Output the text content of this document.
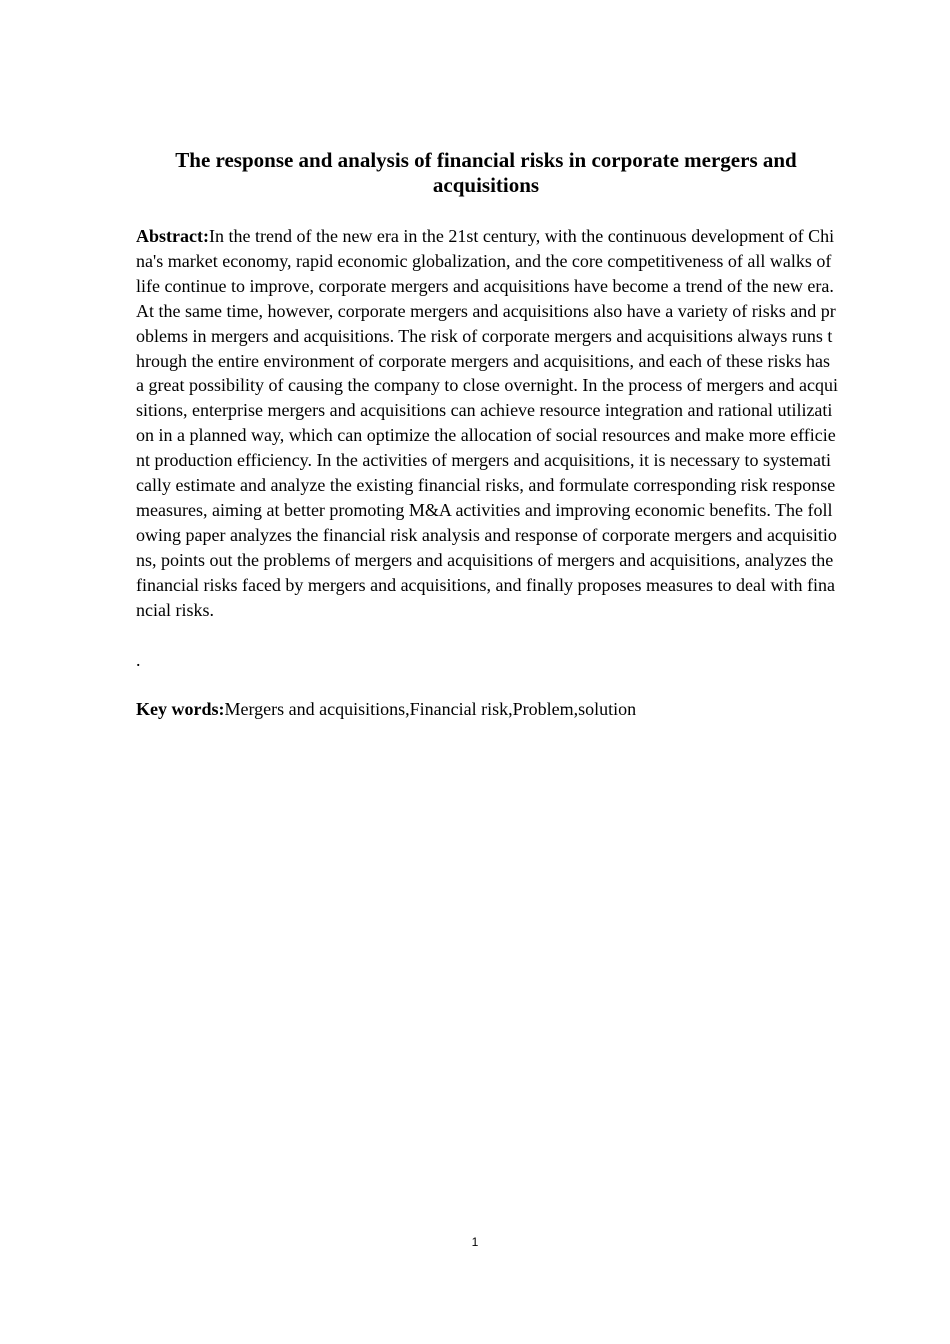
The response and analysis of financial risks in corporate mergers and acquisitions

Abstract:In the trend of the new era in the 21st century, with the continuous development of China's market economy, rapid economic globalization, and the core competitiveness of all walks of life continue to improve, corporate mergers and acquisitions have become a trend of the new era. At the same time, however, corporate mergers and acquisitions also have a variety of risks and problems in mergers and acquisitions. The risk of corporate mergers and acquisitions always runs through the entire environment of corporate mergers and acquisitions, and each of these risks has a great possibility of causing the company to close overnight. In the process of mergers and acquisitions, enterprise mergers and acquisitions can achieve resource integration and rational utilization in a planned way, which can optimize the allocation of social resources and make more efficient production efficiency. In the activities of mergers and acquisitions, it is necessary to systematically estimate and analyze the existing financial risks, and formulate corresponding risk response measures, aiming at better promoting M&A activities and improving economic benefits. The following paper analyzes the financial risk analysis and response of corporate mergers and acquisitions, points out the problems of mergers and acquisitions of mergers and acquisitions, analyzes the financial risks faced by mergers and acquisitions, and finally proposes measures to deal with financial risks.

.

Key words:Mergers and acquisitions,Financial risk,Problem,solution

1
